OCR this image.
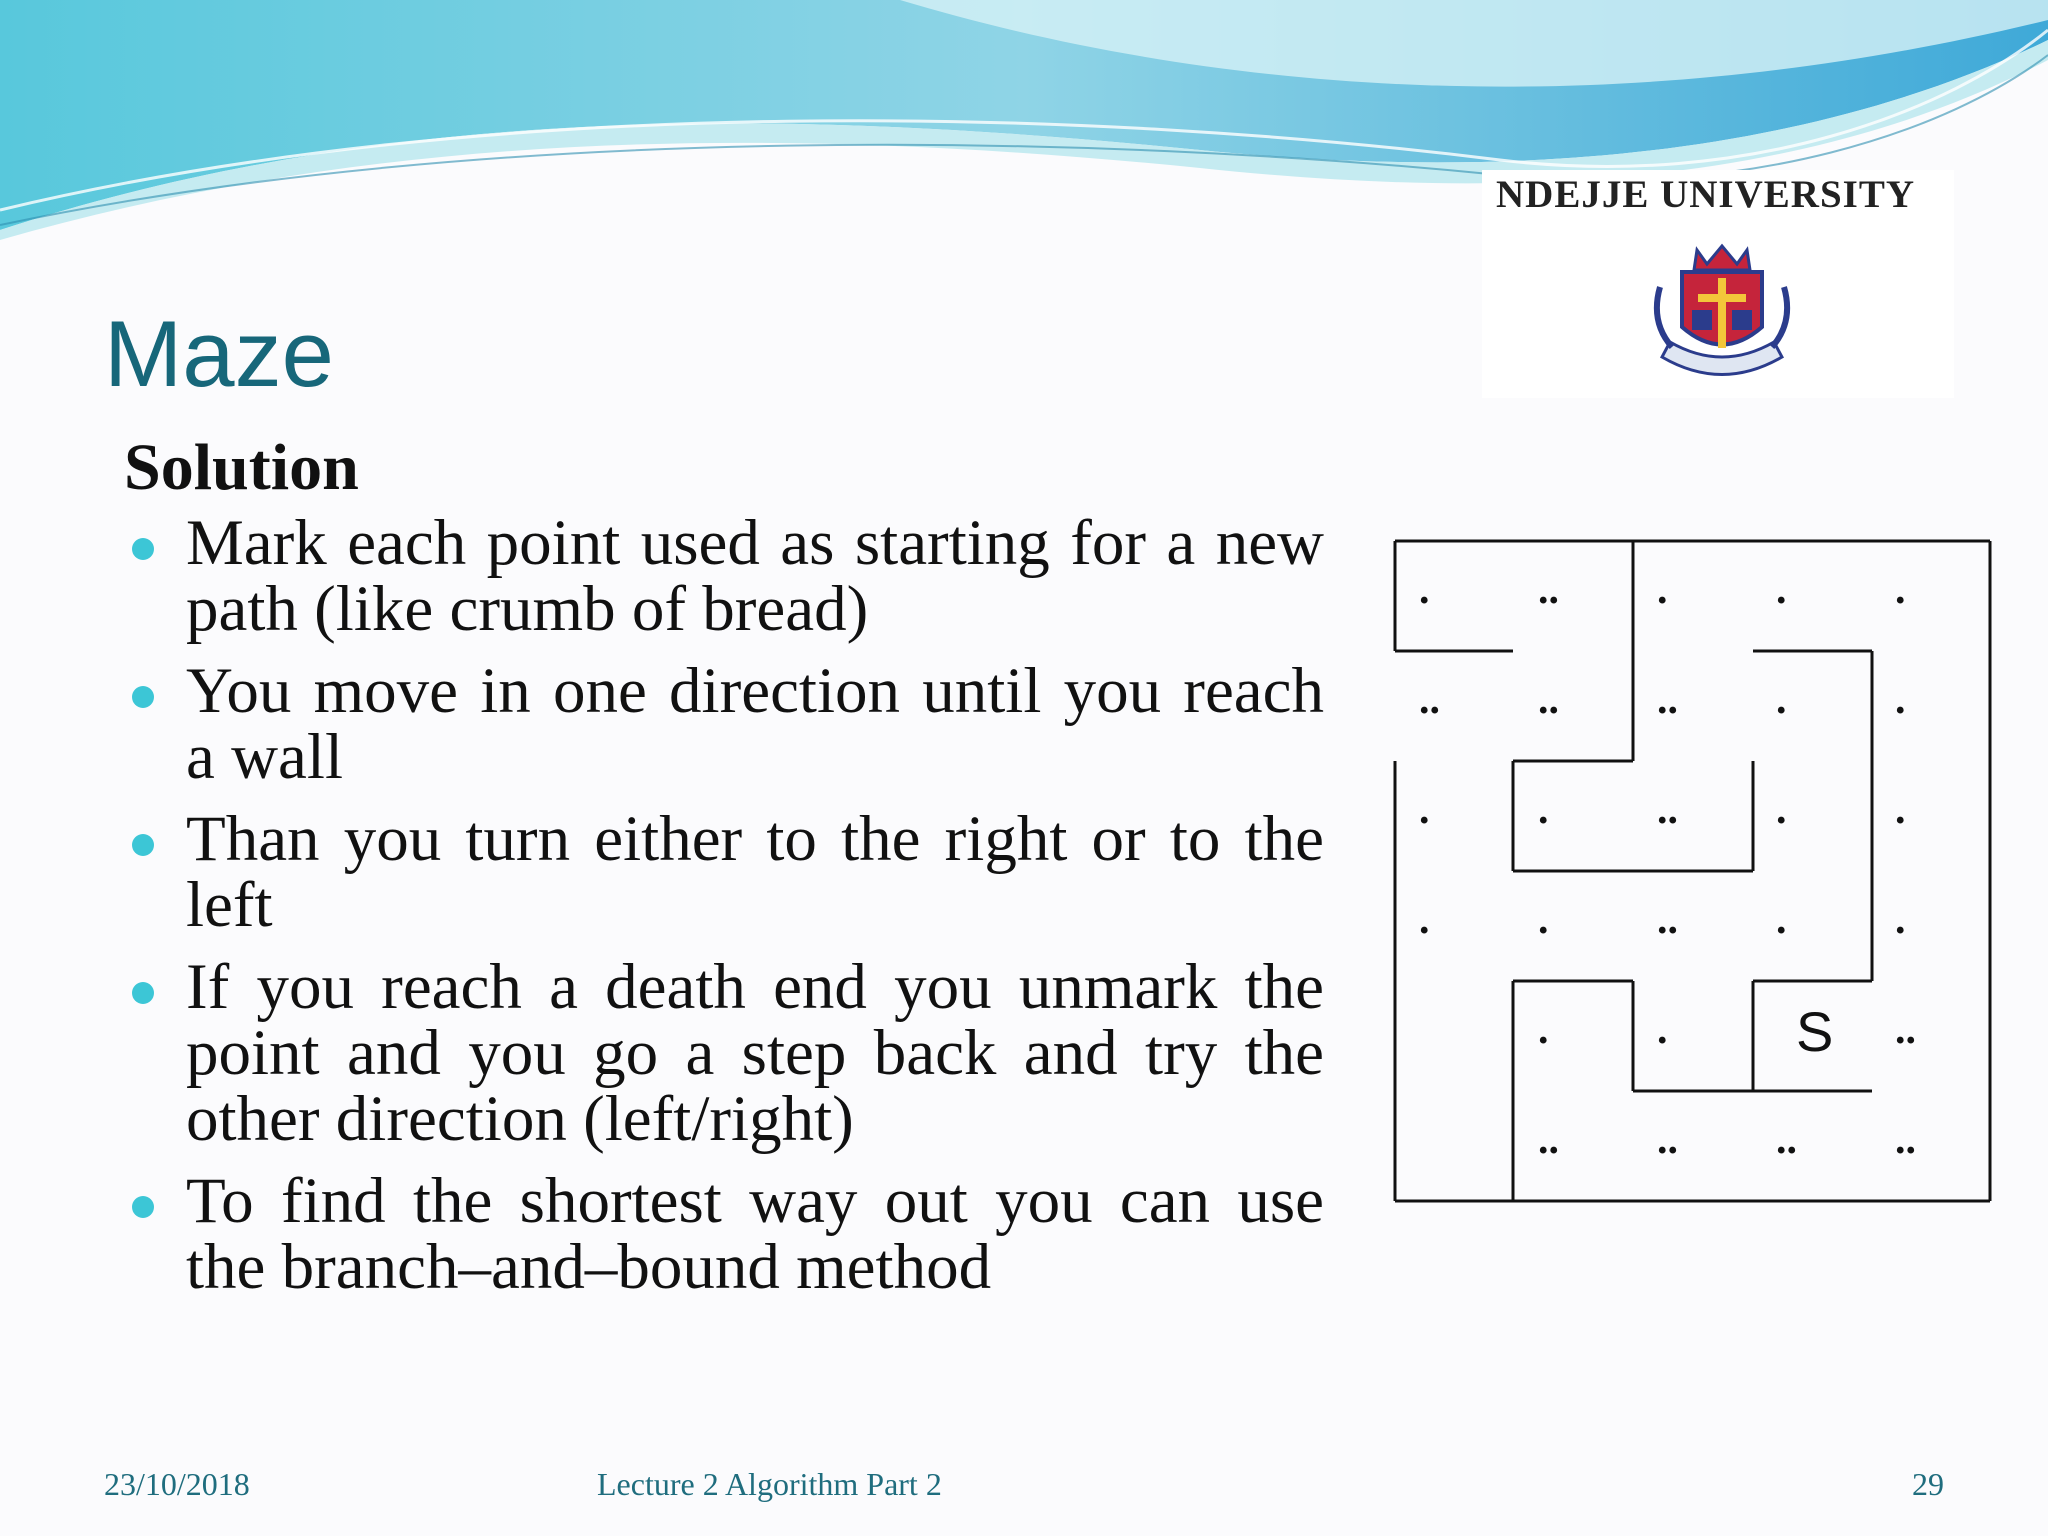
NDEJJE UNIVERSITY
Maze
Solution
Mark each point used as starting for a new path (like crumb of bread)
You move in one direction until you reach a wall
Than you turn either to the right or to the left
If you reach a death end you unmark the point and you go a step back and try the other direction (left/right)
To find the shortest way out you can use the branch–and–bound method
.	.. .	.	.
.. .. .. .	.
.	.	.. .	.
.	.	.. .	.
.	. S ..
.. .. .. ..
23/10/2018	Lecture 2 Algorithm Part 2	29
